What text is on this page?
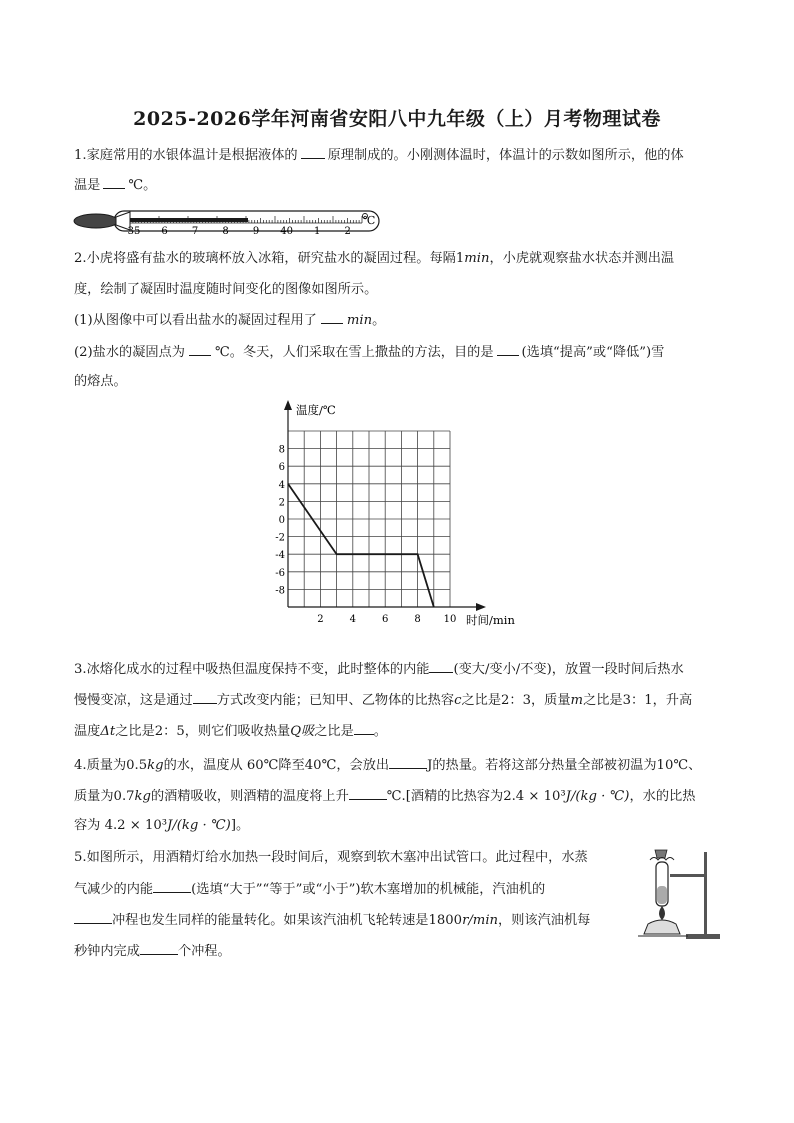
2025-2026学年河南省安阳八中九年级（上）月考物理试卷
1.家庭常用的水银体温计是根据液体的 原理制成的。小刚测体温时，体温计的示数如图所示，他的体
温是 ℃。
35 6 7 8 9 40 1 2
℃
2.小虎将盛有盐水的玻璃杯放入冰箱，研究盐水的凝固过程。每隔1min，小虎就观察盐水状态并测出温
度，绘制了凝固时温度随时间变化的图像如图所示。
(1)从图像中可以看出盐水的凝固过程用了 min。
(2)盐水的凝固点为 ℃。冬天，人们采取在雪上撒盐的方法，目的是 (选填“提高”或“降低”)雪
的熔点。
8
6
4
2
0
-2
-4
-6
-8
2	4	6	8 10
温度/℃
时间/min
3.冰熔化成水的过程中吸热但温度保持不变，此时整体的内能 (变大/变小/不变)，放置一段时间后热水
慢慢变凉，这是通过 方式改变内能；已知甲、乙物体的比热容c之比是2：3，质量m之比是3：1，升高
温度Δt之比是2：5，则它们吸收热量Q吸之比是 。
4.质量为0.5kg的水，温度从 60℃降至40℃，会放出	J的热量。若将这部分热量全部被初温为10℃、
质量为0.7kg的酒精吸收，则酒精的温度将上升	℃.[酒精的比热容为2.4 × 10³J/(kg · ℃)，水的比热
容为 4.2 × 10³J/(kg · ℃)]。
5.如图所示，用酒精灯给水加热一段时间后，观察到软木塞冲出试管口。此过程中，水蒸
气减少的内能	(选填“大于”“等于”或“小于”)软木塞增加的机械能，汽油机的
冲程也发生同样的能量转化。如果该汽油机飞轮转速是1800r/min，则该汽油机每
秒钟内完成	个冲程。
